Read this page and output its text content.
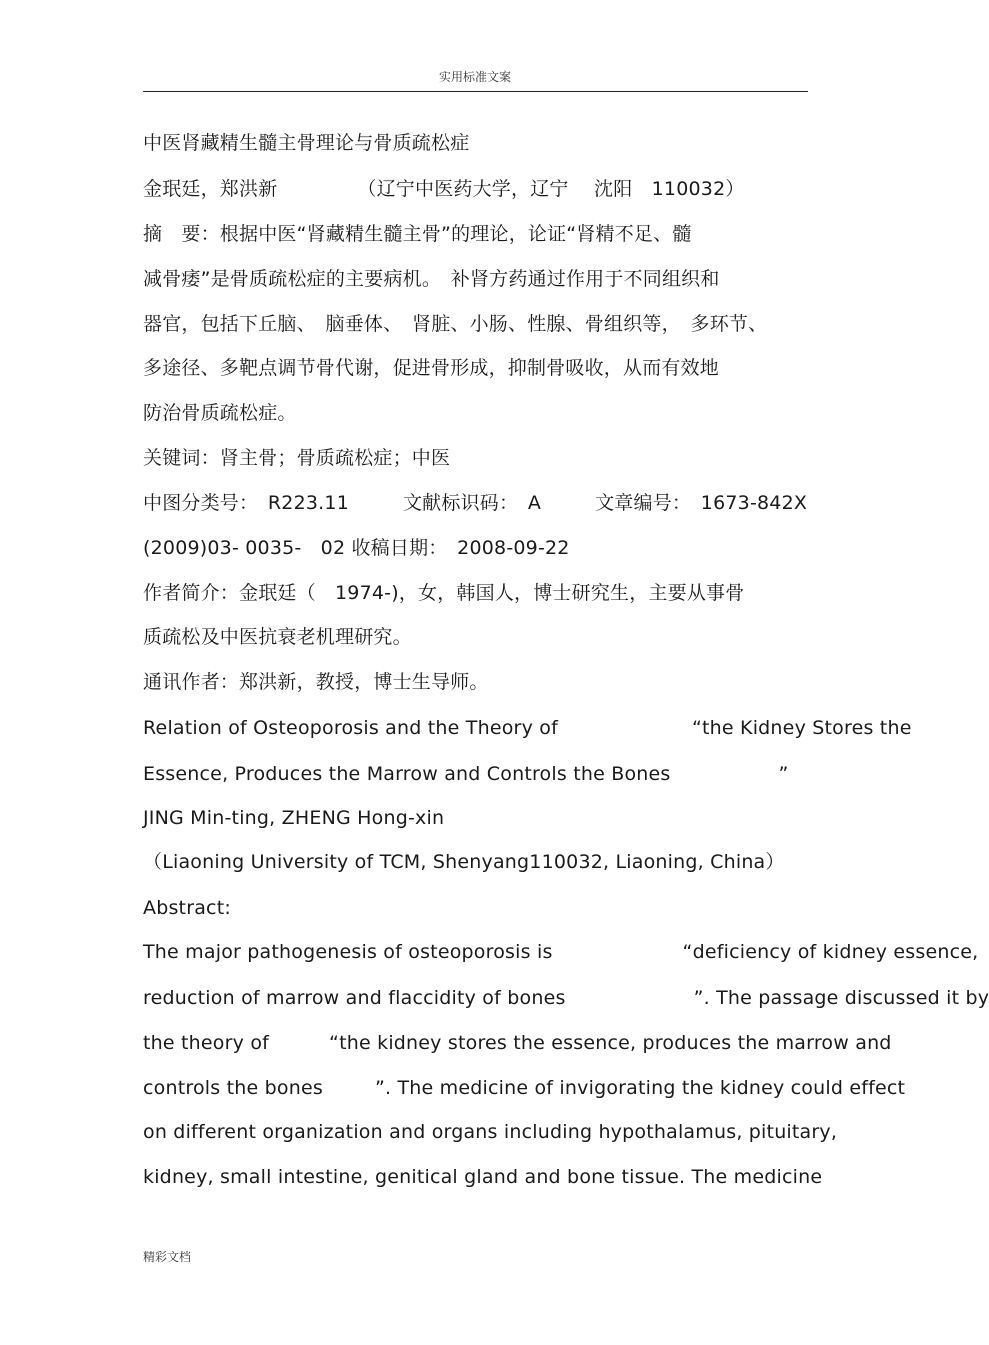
实用标准文案
中医肾藏精生髓主骨理论与骨质疏松症
金珉廷，郑洪新	（辽宁中医药大学，辽宁　 沈阳　110032）
摘　要：根据中医“肾藏精生髓主骨”的理论，论证“肾精不足、髓
减骨痿”是骨质疏松症的主要病机。　补肾方药通过作用于不同组织和
器官，包括下丘脑、　脑垂体、　肾脏、小肠、性腺、骨组织等，　多环节、
多途径、多靶点调节骨代谢，促进骨形成，抑制骨吸收，从而有效地
防治骨质疏松症。
关键词：肾主骨；骨质疏松症；中医
中图分类号：　R223.11	文献标识码：　A	文章编号：　1673-842X
(2009)03- 0035-　02 收稿日期：　2008-09-22
作者简介：金珉廷（　1974-)，女，韩国人，博士研究生，主要从事骨
质疏松及中医抗衰老机理研究。
通讯作者：郑洪新，教授，博士生导师。
Relation of Osteoporosis and the Theory of	“the Kidney Stores the
Essence, Produces the Marrow and Controls the Bones	”
JING Min-ting, ZHENG Hong-xin
（Liaoning University of TCM, Shenyang110032, Liaoning, China）
Abstract:
The major pathogenesis of osteoporosis is	“deficiency of kidney essence,
reduction of marrow and flaccidity of bones	”. The passage discussed it by
the theory of	“the kidney stores the essence, produces the marrow and
controls the bones	”. The medicine of invigorating the kidney could effect
on different organization and organs including hypothalamus, pituitary,
kidney, small intestine, genitical gland and bone tissue. The medicine
精彩文档
